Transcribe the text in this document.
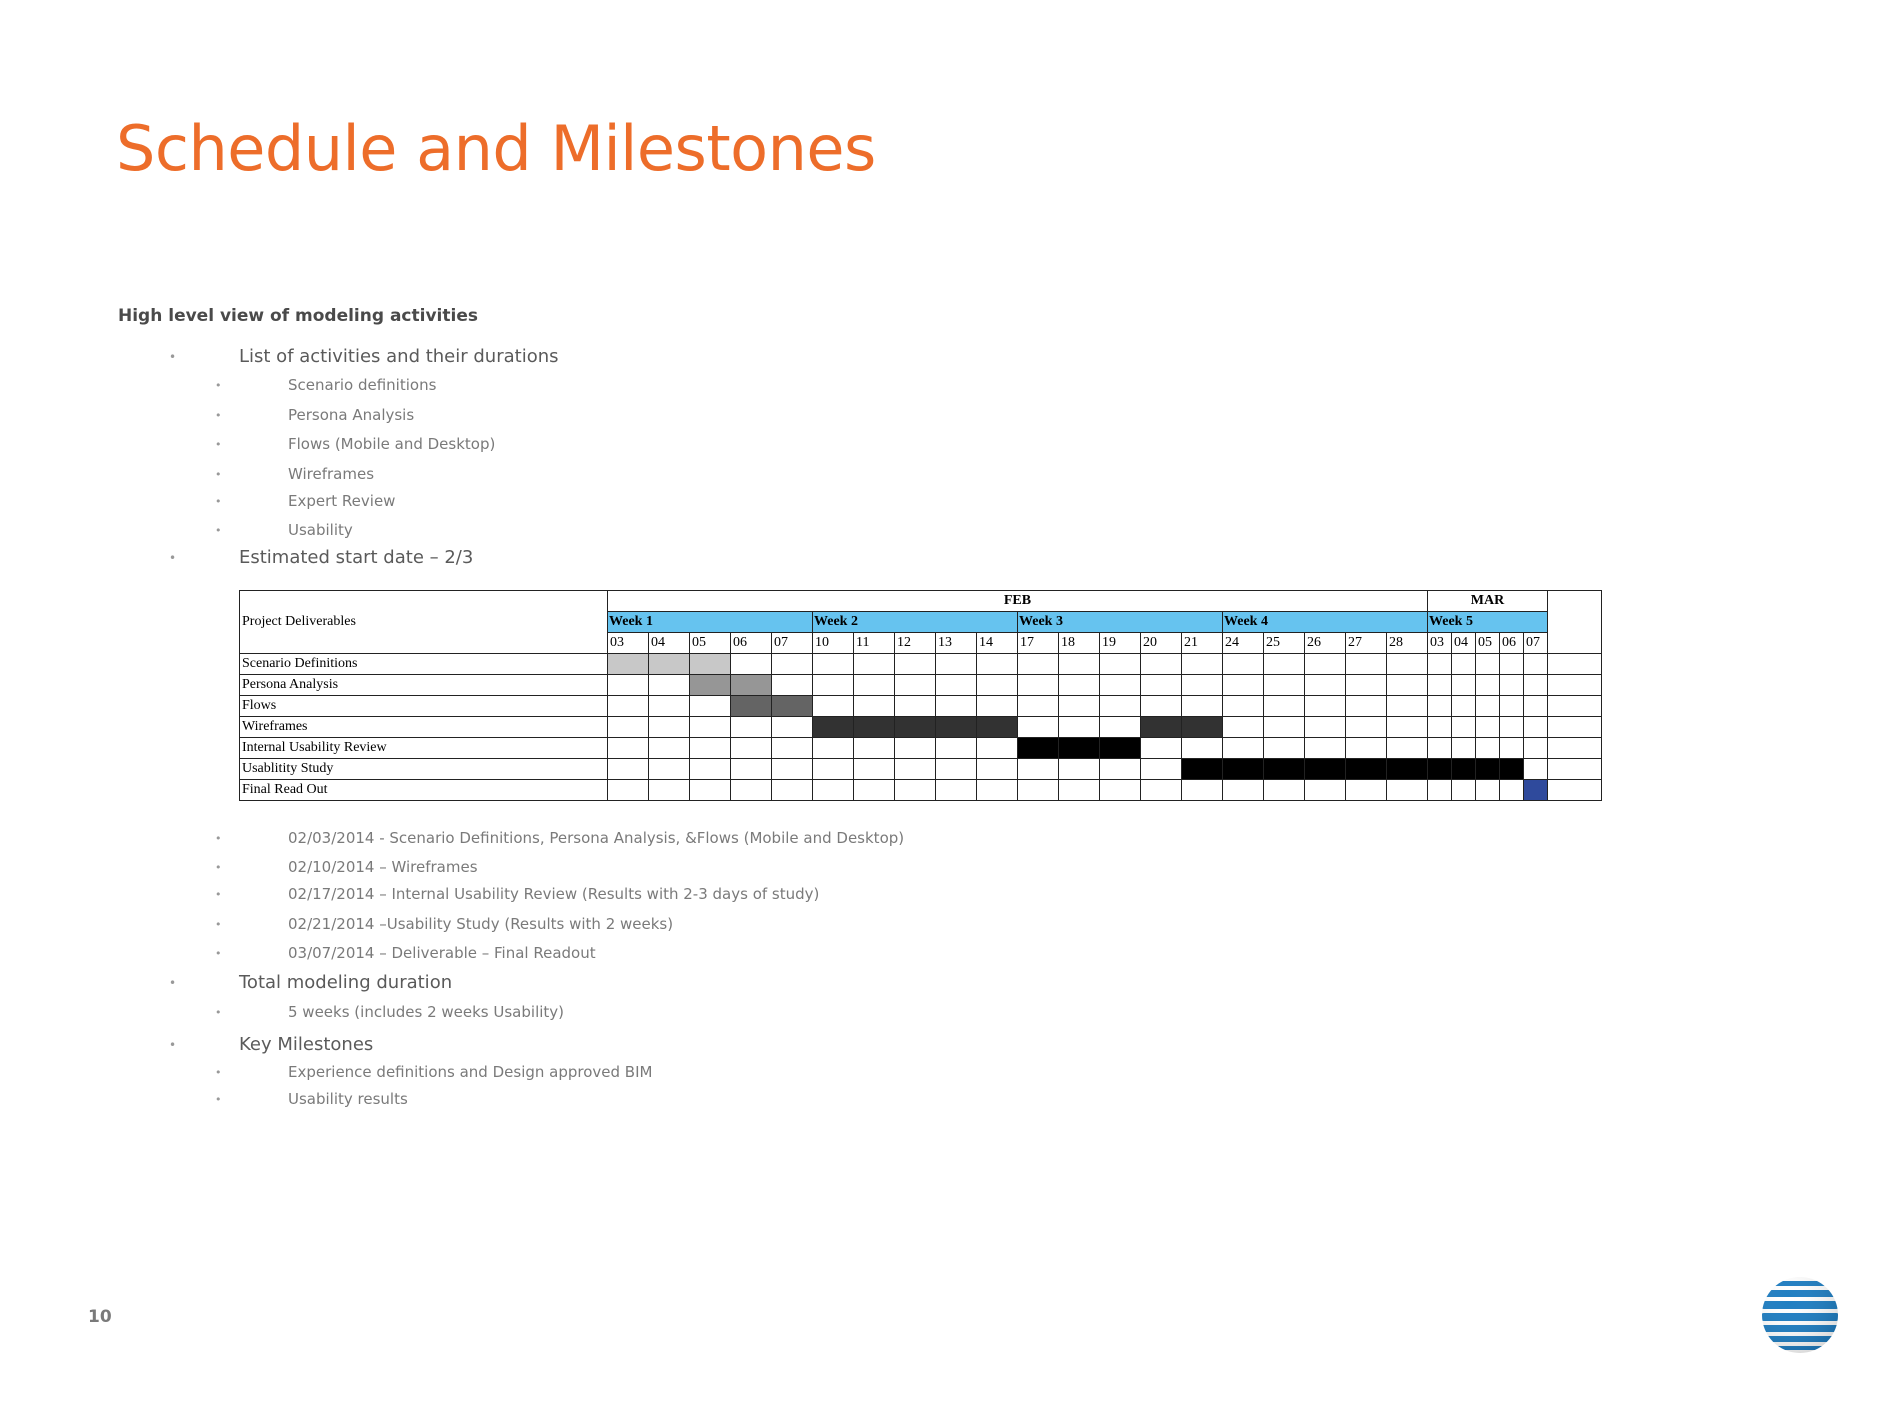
Schedule and Milestones
High level view of modeling activities
•	List of activities and their durations
•	Scenario definitions
•	Persona Analysis
•	Flows (Mobile and Desktop)
•	Wireframes
•	Expert Review
•	Usability
•	Estimated start date – 2/3
Project Deliverables	FEB																				MAR					
	Week 1					Week 2					Week 3					Week 4					Week 5					
	03	04	05	06	07	10	11	12	13	14	17	18	19	20	21	24	25	26	27	28	03	04	05	06	07	
Scenario Definitions																										
Persona Analysis																										
Flows																										
Wireframes																										
Internal Usability Review																										
Usablitity Study																										
Final Read Out																										
•	02/03/2014 - Scenario Definitions, Persona Analysis, &Flows (Mobile and Desktop)
•	02/10/2014 – Wireframes
•	02/17/2014 – Internal Usability Review (Results with 2-3 days of study)
•	02/21/2014 –Usability Study (Results with 2 weeks)
•	03/07/2014 – Deliverable – Final Readout
•	Total modeling duration
•	5 weeks (includes 2 weeks Usability)
•	Key Milestones
•	Experience definitions and Design approved BIM
•	Usability results
10
